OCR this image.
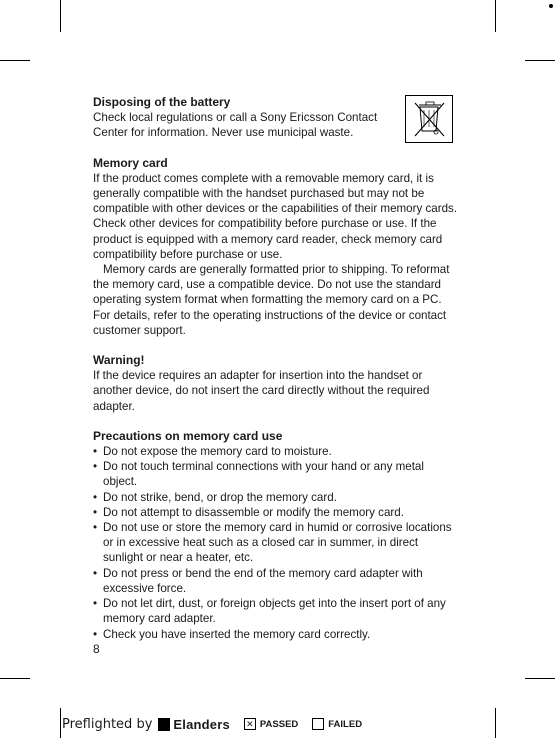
Disposing of the battery

Check local regulations or call a Sony Ericsson Contact Center for information. Never use municipal waste.

Memory card

If the product comes complete with a removable memory card, it is generally compatible with the handset purchased but may not be compatible with other devices or the capabilities of their memory cards. Check other devices for compatibility before purchase or use. If the product is equipped with a memory card reader, check memory card compatibility before purchase or use.

Memory cards are generally formatted prior to shipping. To reformat the memory card, use a compatible device. Do not use the standard operating system format when formatting the memory card on a PC. For details, refer to the operating instructions of the device or contact customer support.

Warning!

If the device requires an adapter for insertion into the handset or another device, do not insert the card directly without the required adapter.

Precautions on memory card use
• Do not expose the memory card to moisture.
• Do not touch terminal connections with your hand or any metal object.
• Do not strike, bend, or drop the memory card.
• Do not attempt to disassemble or modify the memory card.
• Do not use or store the memory card in humid or corrosive locations or in excessive heat such as a closed car in summer, in direct sunlight or near a heater, etc.
• Do not press or bend the end of the memory card adapter with excessive force.
• Do not let dirt, dust, or foreign objects get into the insert port of any memory card adapter.
• Check you have inserted the memory card correctly.
8
Preflighted by Elanders ✕ PASSED	FAILED
